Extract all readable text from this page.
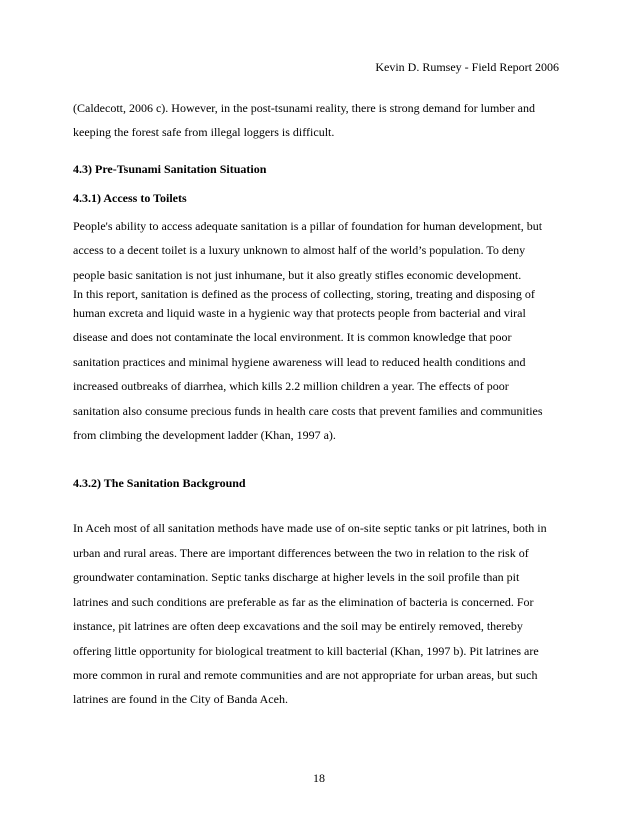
Kevin D. Rumsey - Field Report 2006

(Caldecott, 2006 c). However, in the post-tsunami reality, there is strong demand for lumber and
keeping the forest safe from illegal loggers is difficult.

4.3) Pre-Tsunami Sanitation Situation
4.3.1) Access to Toilets

People's ability to access adequate sanitation is a pillar of foundation for human development, but
access to a decent toilet is a luxury unknown to almost half of the world’s population. To deny
people basic sanitation is not just inhumane, but it also greatly stifles economic development.
In this report, sanitation is defined as the process of collecting, storing, treating and disposing of
human excreta and liquid waste in a hygienic way that protects people from bacterial and viral
disease and does not contaminate the local environment. It is common knowledge that poor
sanitation practices and minimal hygiene awareness will lead to reduced health conditions and
increased outbreaks of diarrhea, which kills 2.2 million children a year. The effects of poor
sanitation also consume precious funds in health care costs that prevent families and communities
from climbing the development ladder (Khan, 1997 a).

4.3.2) The Sanitation Background

In Aceh most of all sanitation methods have made use of on-site septic tanks or pit latrines, both in
urban and rural areas. There are important differences between the two in relation to the risk of
groundwater contamination. Septic tanks discharge at higher levels in the soil profile than pit
latrines and such conditions are preferable as far as the elimination of bacteria is concerned. For
instance, pit latrines are often deep excavations and the soil may be entirely removed, thereby
offering little opportunity for biological treatment to kill bacterial (Khan, 1997 b). Pit latrines are
more common in rural and remote communities and are not appropriate for urban areas, but such
latrines are found in the City of Banda Aceh.

18
